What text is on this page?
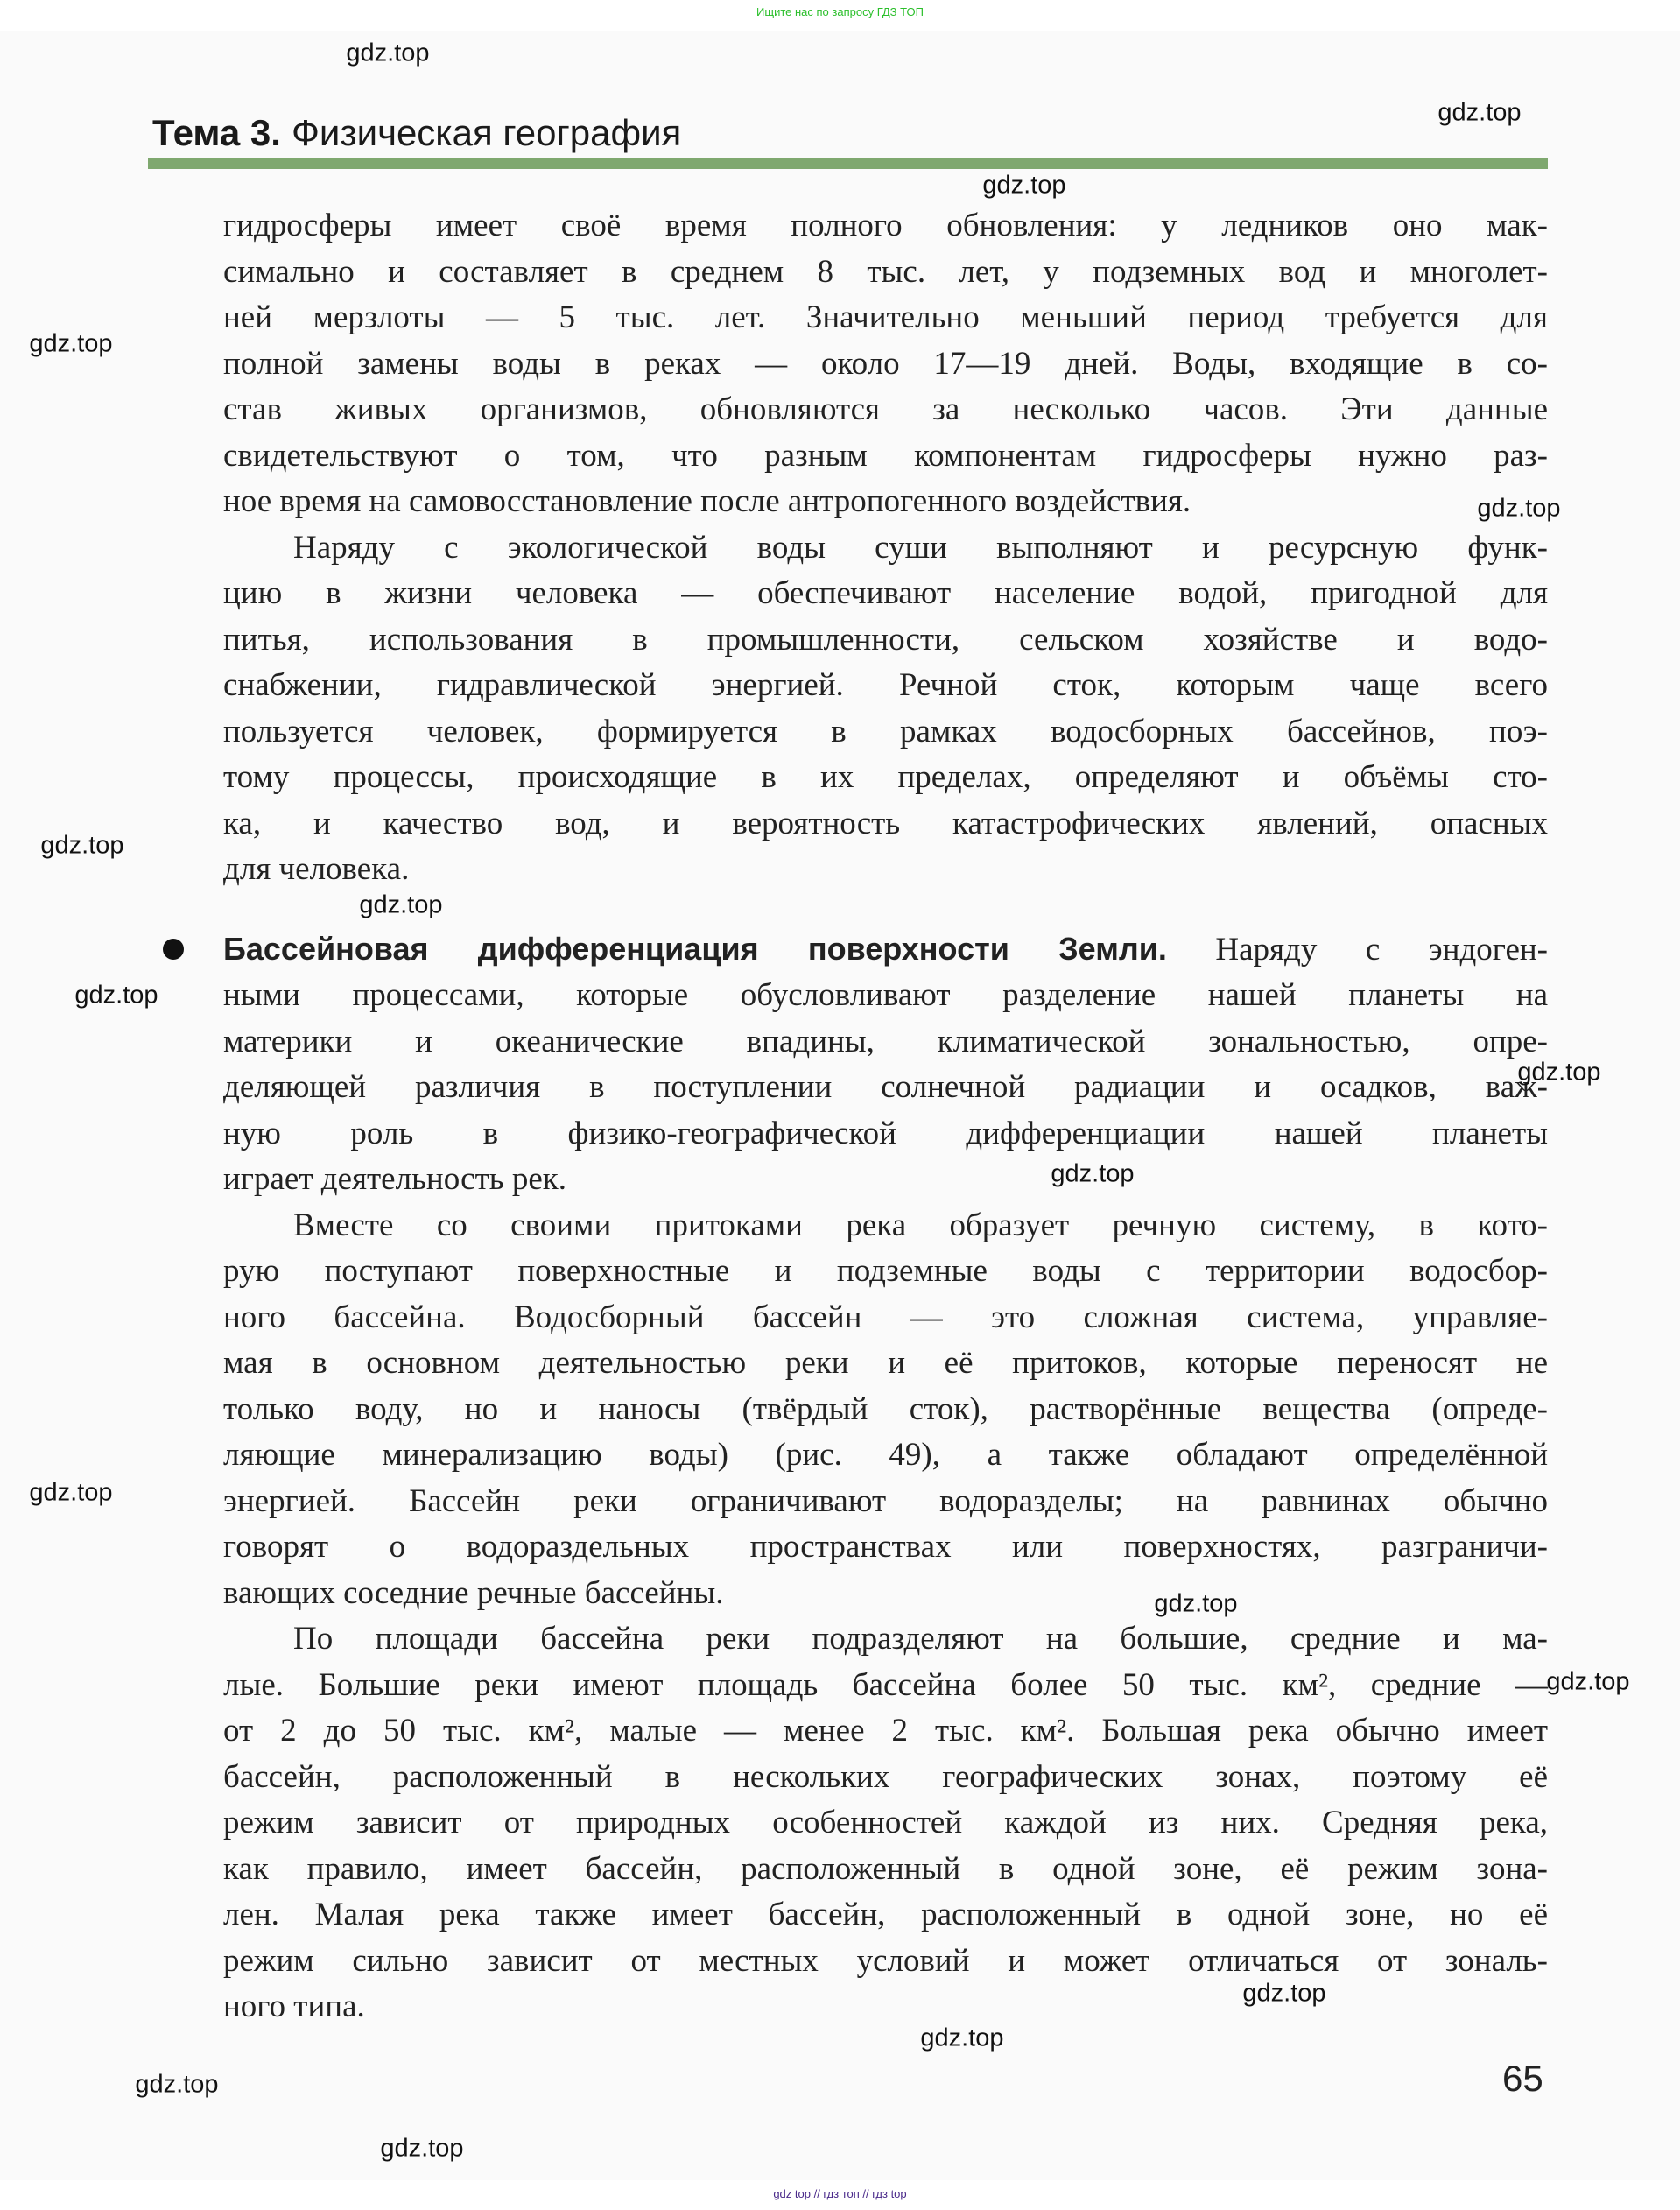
Ищите нас по запросу ГДЗ ТОП
Тема 3. Физическая география
гидросферы имеет своё время полного обновления: у ледников оно мак-
симально и составляет в среднем 8 тыс. лет, у подземных вод и многолет-
ней мерзлоты — 5 тыс. лет. Значительно меньший период требуется для
полной замены воды в реках — около 17—19 дней. Воды, входящие в со-
став живых организмов, обновляются за несколько часов. Эти данные
свидетельствуют о том, что разным компонентам гидросферы нужно раз-
ное время на самовосстановление после антропогенного воздействия.
Наряду с экологической воды суши выполняют и ресурсную функ-
цию в жизни человека — обеспечивают население водой, пригодной для
питья, использования в промышленности, сельском хозяйстве и водо-
снабжении, гидравлической энергией. Речной сток, которым чаще всего
пользуется человек, формируется в рамках водосборных бассейнов, поэ-
тому процессы, происходящие в их пределах, определяют и объёмы сто-
ка, и качество вод, и вероятность катастрофических явлений, опасных
для человека.
Бассейновая дифференциация поверхности Земли. Наряду с эндоген-
ными процессами, которые обусловливают разделение нашей планеты на
материки и океанические впадины, климатической зональностью, опре-
деляющей различия в поступлении солнечной радиации и осадков, важ-
ную роль в физико-географической дифференциации нашей планеты
играет деятельность рек.
Вместе со своими притоками река образует речную систему, в кото-
рую поступают поверхностные и подземные воды с территории водосбор-
ного бассейна. Водосборный бассейн — это сложная система, управляе-
мая в основном деятельностью реки и её притоков, которые переносят не
только воду, но и наносы (твёрдый сток), растворённые вещества (опреде-
ляющие минерализацию воды) (рис. 49), а также обладают определённой
энергией. Бассейн реки ограничивают водоразделы; на равнинах обычно
говорят о водораздельных пространствах или поверхностях, разграничи-
вающих соседние речные бассейны.
По площади бассейна реки подразделяют на большие, средние и ма-
лые. Большие реки имеют площадь бассейна более 50 тыс. км², средние —
от 2 до 50 тыс. км², малые — менее 2 тыс. км². Большая река обычно имеет
бассейн, расположенный в нескольких географических зонах, поэтому её
режим зависит от природных особенностей каждой из них. Средняя река,
как правило, имеет бассейн, расположенный в одной зоне, её режим зона-
лен. Малая река также имеет бассейн, расположенный в одной зоне, но её
режим сильно зависит от местных условий и может отличаться от зональ-
ного типа.
gdz.top
gdz.top
gdz.top
gdz.top
gdz.top
gdz.top
gdz.top
gdz.top
gdz.top
gdz.top
gdz.top
gdz.top
gdz.top
gdz.top
gdz.top
gdz.top
gdz.top
65
gdz top // гдз топ // гдз top
